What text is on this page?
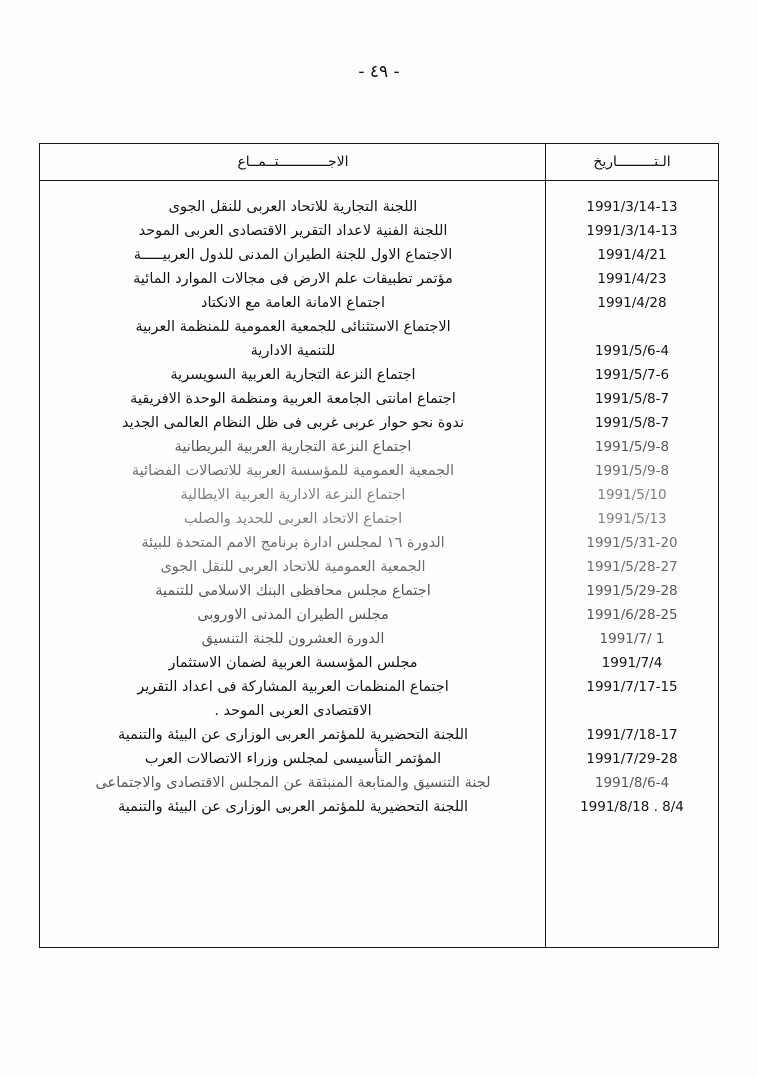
- ٤٩ -
الاجــــــــــــتــمــاع	الـتـــــــــاريخ
اللجنة التجارية للاتحاد العربى للنقل الجوى	1991/3/14-13
اللجنة الفنية لاعداد التقرير الاقتصادى العربى الموحد	1991/3/14-13
الاجتماع الاول للجنة الطيران المدنى للدول العربيـــــة	1991/4/21
مؤتمر تطبيقات علم الارض فى مجالات الموارد المائية	1991/4/23
اجتماع الامانة العامة مع الانكتاد	1991/4/28
الاجتماع الاستثنائى للجمعية العمومية للمنظمة العربية
للتنمية الادارية	1991/5/6-4
اجتماع النزعة التجارية العربية السويسرية	1991/5/7-6
اجتماع امانتى الجامعة العربية ومنظمة الوحدة الافريقية	1991/5/8-7
ندوة نحو حوار عربى غربى فى ظل النظام العالمى الجديد	1991/5/8-7
اجتماع النزعة التجارية العربية البريطانية	1991/5/9-8
الجمعية العمومية للمؤسسة العربية للاتصالات الفضائية	1991/5/9-8
اجتماع النزعة الادارية العربية الايطالية	1991/5/10
اجتماع الاتحاد العربى للحديد والصلب	1991/5/13
الدورة ١٦ لمجلس ادارة برنامج الامم المتحدة للبيئة	1991/5/31-20
الجمعية العمومية للاتحاد العربى للنقل الجوى	1991/5/28-27
اجتماع مجلس محافظى البنك الاسلامى للتنمية	1991/5/29-28
مجلس الطيران المدنى الاوروبى	1991/6/28-25
الدورة العشرون للجنة التنسيق	1991/7/ 1
مجلس المؤسسة العربية لضمان الاستثمار	1991/7/4
اجتماع المنظمات العربية المشاركة فى اعداد التقرير	1991/7/17-15
الاقتصادى العربى الموحد .
اللجنة التحضيرية للمؤتمر العربى الوزارى عن البيئة والتنمية	1991/7/18-17
المؤتمر التأسيسى لمجلس وزراء الاتصالات العرب	1991/7/29-28
لجنة التنسيق والمتابعة المنبثقة عن المجلس الاقتصادى والاجتماعى	1991/8/6-4
اللجنة التحضيرية للمؤتمر العربى الوزارى عن البيئة والتنمية	1991/8/18 . 8/4
